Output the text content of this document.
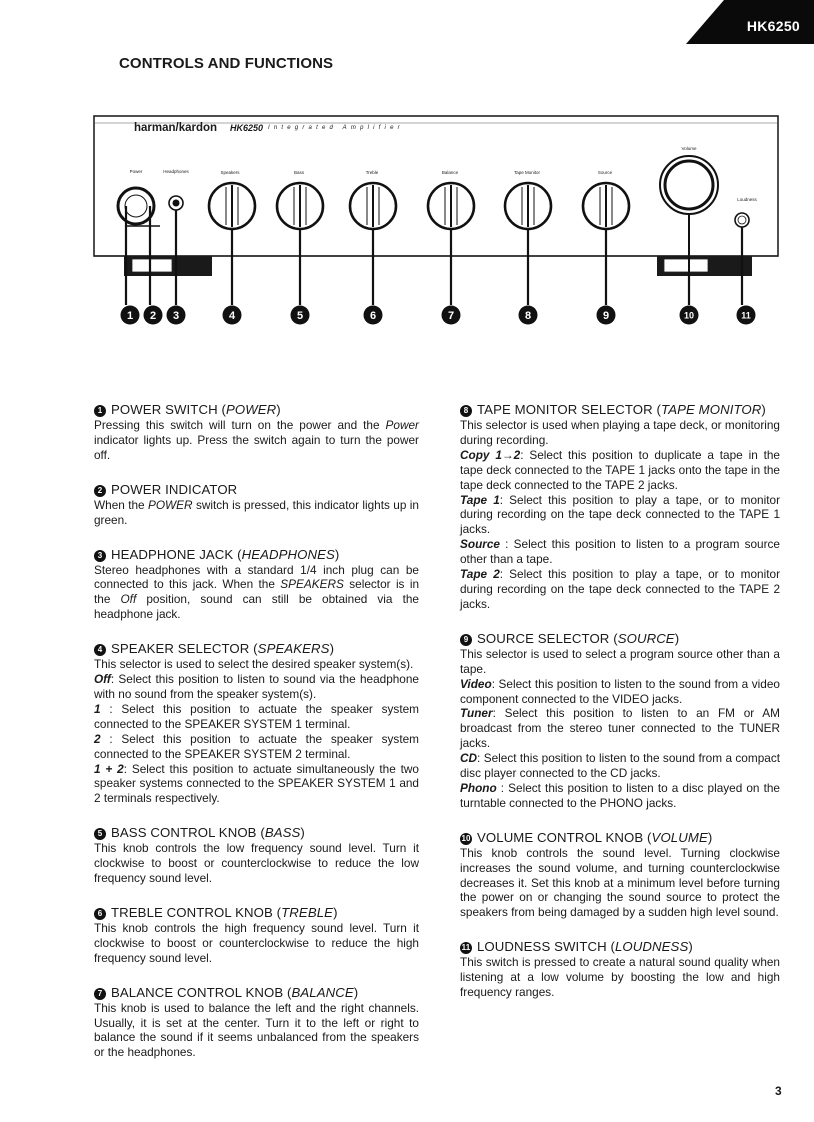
HK6250
CONTROLS AND FUNCTIONS
1 2 3	4	5	6	7	8	9	10	11
harman/kardon HK6250 Integrated Amplifier
Power	Headphones	Speakers	Bass	Treble	Balance	Tape Monitor	Source
Volume
Loudness
1 POWER SWITCH (POWER)

Pressing this switch will turn on the power and the Power indicator lights up. Press the switch again to turn the power off.

2 POWER INDICATOR

When the POWER switch is pressed, this indicator lights up in green.

3 HEADPHONE JACK (HEADPHONES)

Stereo headphones with a standard 1/4 inch plug can be connected to this jack. When the SPEAKERS selector is in the Off position, sound can still be obtained via the headphone jack.

4 SPEAKER SELECTOR (SPEAKERS)

This selector is used to select the desired speaker system(s).

Off: Select this position to listen to sound via the headphone with no sound from the speaker system(s).

1 : Select this position to actuate the speaker system connected to the SPEAKER SYSTEM 1 terminal.

2 : Select this position to actuate the speaker system connected to the SPEAKER SYSTEM 2 terminal.

1 + 2: Select this position to actuate simultaneously the two speaker systems connected to the SPEAKER SYSTEM 1 and 2 terminals respectively.

5 BASS CONTROL KNOB (BASS)

This knob controls the low frequency sound level. Turn it clockwise to boost or counterclockwise to reduce the low frequency sound level.

6 TREBLE CONTROL KNOB (TREBLE)

This knob controls the high frequency sound level. Turn it clockwise to boost or counterclockwise to reduce the high frequency sound level.

7 BALANCE CONTROL KNOB (BALANCE)

This knob is used to balance the left and the right channels. Usually, it is set at the center. Turn it to the left or right to balance the sound if it seems unbalanced from the speakers or the headphones.

8 TAPE MONITOR SELECTOR (TAPE MONITOR)

This selector is used when playing a tape deck, or monitoring during recording.

Copy 1→2: Select this position to duplicate a tape in the tape deck connected to the TAPE 1 jacks onto the tape in the tape deck connected to the TAPE 2 jacks.

Tape 1: Select this position to play a tape, or to monitor during recording on the tape deck connected to the TAPE 1 jacks.

Source : Select this position to listen to a program source other than a tape.

Tape 2: Select this position to play a tape, or to monitor during recording on the tape deck connected to the TAPE 2 jacks.

9 SOURCE SELECTOR (SOURCE)

This selector is used to select a program source other than a tape.

Video: Select this position to listen to the sound from a video component connected to the VIDEO jacks.

Tuner: Select this position to listen to an FM or AM broadcast from the stereo tuner connected to the TUNER jacks.

CD: Select this position to listen to the sound from a compact disc player connected to the CD jacks.

Phono : Select this position to listen to a disc played on the turntable connected to the PHONO jacks.

10 VOLUME CONTROL KNOB (VOLUME)

This knob controls the sound level. Turning clockwise increases the sound volume, and turning counterclockwise decreases it. Set this knob at a minimum level before turning the power on or changing the sound source to protect the speakers from being damaged by a sudden high level sound.

11 LOUDNESS SWITCH (LOUDNESS)

This switch is pressed to create a natural sound quality when listening at a low volume by boosting the low and high frequency ranges.

3
